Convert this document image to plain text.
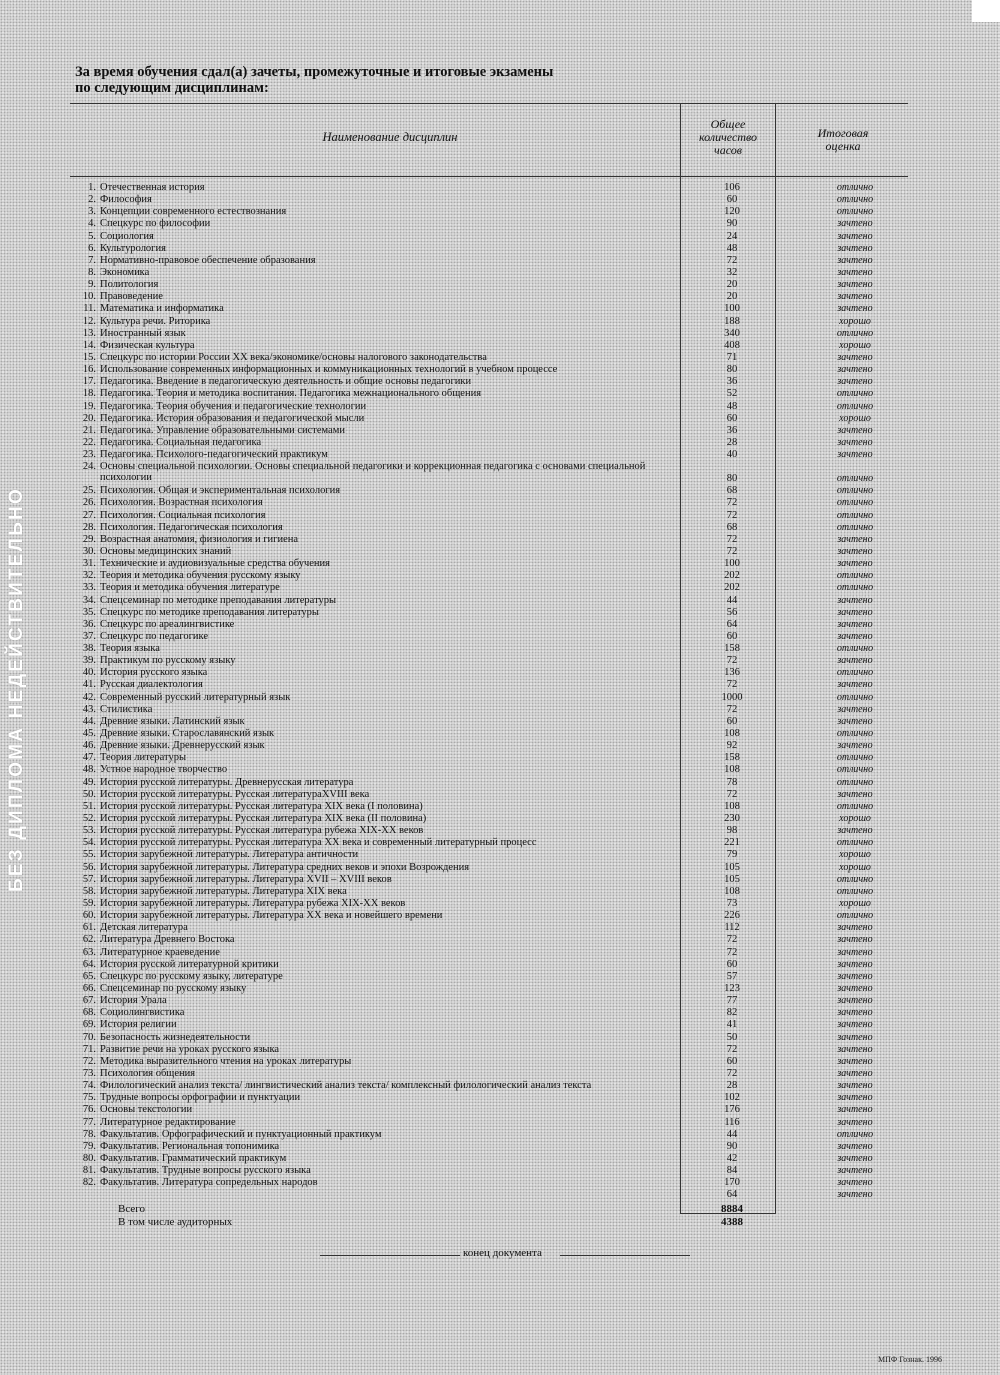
БЕЗ ДИПЛОМА НЕДЕЙСТВИТЕЛЬНО
За время обучения сдал(а) зачеты, промежуточные и итоговые экзамены
по следующим дисциплинам:
Наименование дисциплин
Общее
количество
часов
Итоговая
оценка
1. Отечественная история	106	отлично
2. Философия	60	отлично
3. Концепции современного естествознания	120	отлично
4. Спецкурс по философии	90	зачтено
5. Социология	24	зачтено
6. Культурология	48	зачтено
7. Нормативно-правовое обеспечение образования	72	зачтено
8. Экономика	32	зачтено
9. Политология	20	зачтено
10. Правоведение	20	зачтено
11. Математика и информатика	100	зачтено
12. Культура речи. Риторика	188	хорошо
13. Иностранный язык	340	отлично
14. Физическая культура	408	хорошо
15. Спецкурс по истории России XX века/экономике/основы налогового законодательства	71	зачтено
16. Использование современных информационных и коммуникационных технологий в учебном процессе	80	зачтено
17. Педагогика. Введение в педагогическую деятельность и общие основы педагогики	36	зачтено
18. Педагогика. Теория и методика воспитания. Педагогика межнационального общения	52	отлично
19. Педагогика. Теория обучения и педагогические технологии	48	отлично
20. Педагогика. История образования и педагогической мысли	60	хорошо
21. Педагогика. Управление образовательными системами	36	зачтено
22. Педагогика. Социальная педагогика	28	зачтено
23. Педагогика. Психолого-педагогический практикум	40	зачтено
24. Основы специальной психологии. Основы специальной педагогики и коррекционная педагогика с основами специальной психологии	80	отлично
25. Психология. Общая и экспериментальная психология	68	отлично
26. Психология. Возрастная психология	72	отлично
27. Психология. Социальная психология	72	отлично
28. Психология. Педагогическая психология	68	отлично
29. Возрастная анатомия, физиология и гигиена	72	зачтено
30. Основы медицинских знаний	72	зачтено
31. Технические и аудиовизуальные средства обучения	100	зачтено
32. Теория и методика обучения русскому языку	202	отлично
33. Теория и методика обучения литературе	202	отлично
34. Спецсеминар по методике преподавания литературы	44	зачтено
35. Спецкурс по методике преподавания литературы	56	зачтено
36. Спецкурс по ареалингвистике	64	зачтено
37. Спецкурс по педагогике	60	зачтено
38. Теория языка	158	отлично
39. Практикум по русскому языку	72	зачтено
40. История русского языка	136	отлично
41. Русская диалектология	72	зачтено
42. Современный русский литературный язык	1000	отлично
43. Стилистика	72	зачтено
44. Древние языки. Латинский язык	60	зачтено
45. Древние языки. Старославянский язык	108	отлично
46. Древние языки. Древнерусский язык	92	зачтено
47. Теория литературы	158	отлично
48. Устное народное творчество	108	отлично
49. История русской литературы. Древнерусская литература	78	отлично
50. История русской литературы. Русская литератураXVIII века	72	зачтено
51. История русской литературы. Русская литература XIX века (I половина)	108	отлично
52. История русской литературы. Русская литература XIX века (II половина)	230	хорошо
53. История русской литературы. Русская литература рубежа XIX-XX веков	98	зачтено
54. История русской литературы. Русская литература XX века и современный литературный процесс	221	отлично
55. История зарубежной литературы. Литература античности	79	хорошо
56. История зарубежной литературы. Литература средних веков и эпохи Возрождения	105	хорошо
57. История зарубежной литературы. Литература XVII – XVIII веков	105	отлично
58. История зарубежной литературы. Литература XIX века	108	отлично
59. История зарубежной литературы. Литература рубежа XIX-XX веков	73	хорошо
60. История зарубежной литературы. Литература XX века и новейшего времени	226	отлично
61. Детская литература	112	зачтено
62. Литература Древнего Востока	72	зачтено
63. Литературное краеведение	72	зачтено
64. История русской литературной критики	60	зачтено
65. Спецкурс по русскому языку, литературе	57	зачтено
66. Спецсеминар по русскому языку	123	зачтено
67. История Урала	77	зачтено
68. Социолингвистика	82	зачтено
69. История религии	41	зачтено
70. Безопасность жизнедеятельности	50	зачтено
71. Развитие речи на уроках русского языка	72	зачтено
72. Методика выразительного чтения на уроках литературы	60	зачтено
73. Психология общения	72	зачтено
74. Филологический анализ текста/ лингвистический анализ текста/ комплексный филологический анализ текста	28	зачтено
75. Трудные вопросы орфографии и пунктуации	102	зачтено
76. Основы текстологии	176	зачтено
77. Литературное редактирование	116	зачтено
78. Факультатив. Орфографический и пунктуационный практикум	44	отлично
79. Факультатив. Региональная топонимика	90	зачтено
80. Факультатив. Грамматический практикум	42	зачтено
81. Факультатив. Трудные вопросы русского языка	84	зачтено
82. Факультатив. Литература сопредельных народов	170	зачтено
64	зачтено
Всего	8884
В том числе аудиторных	4388
конец документа
МПФ Гознак. 1996
